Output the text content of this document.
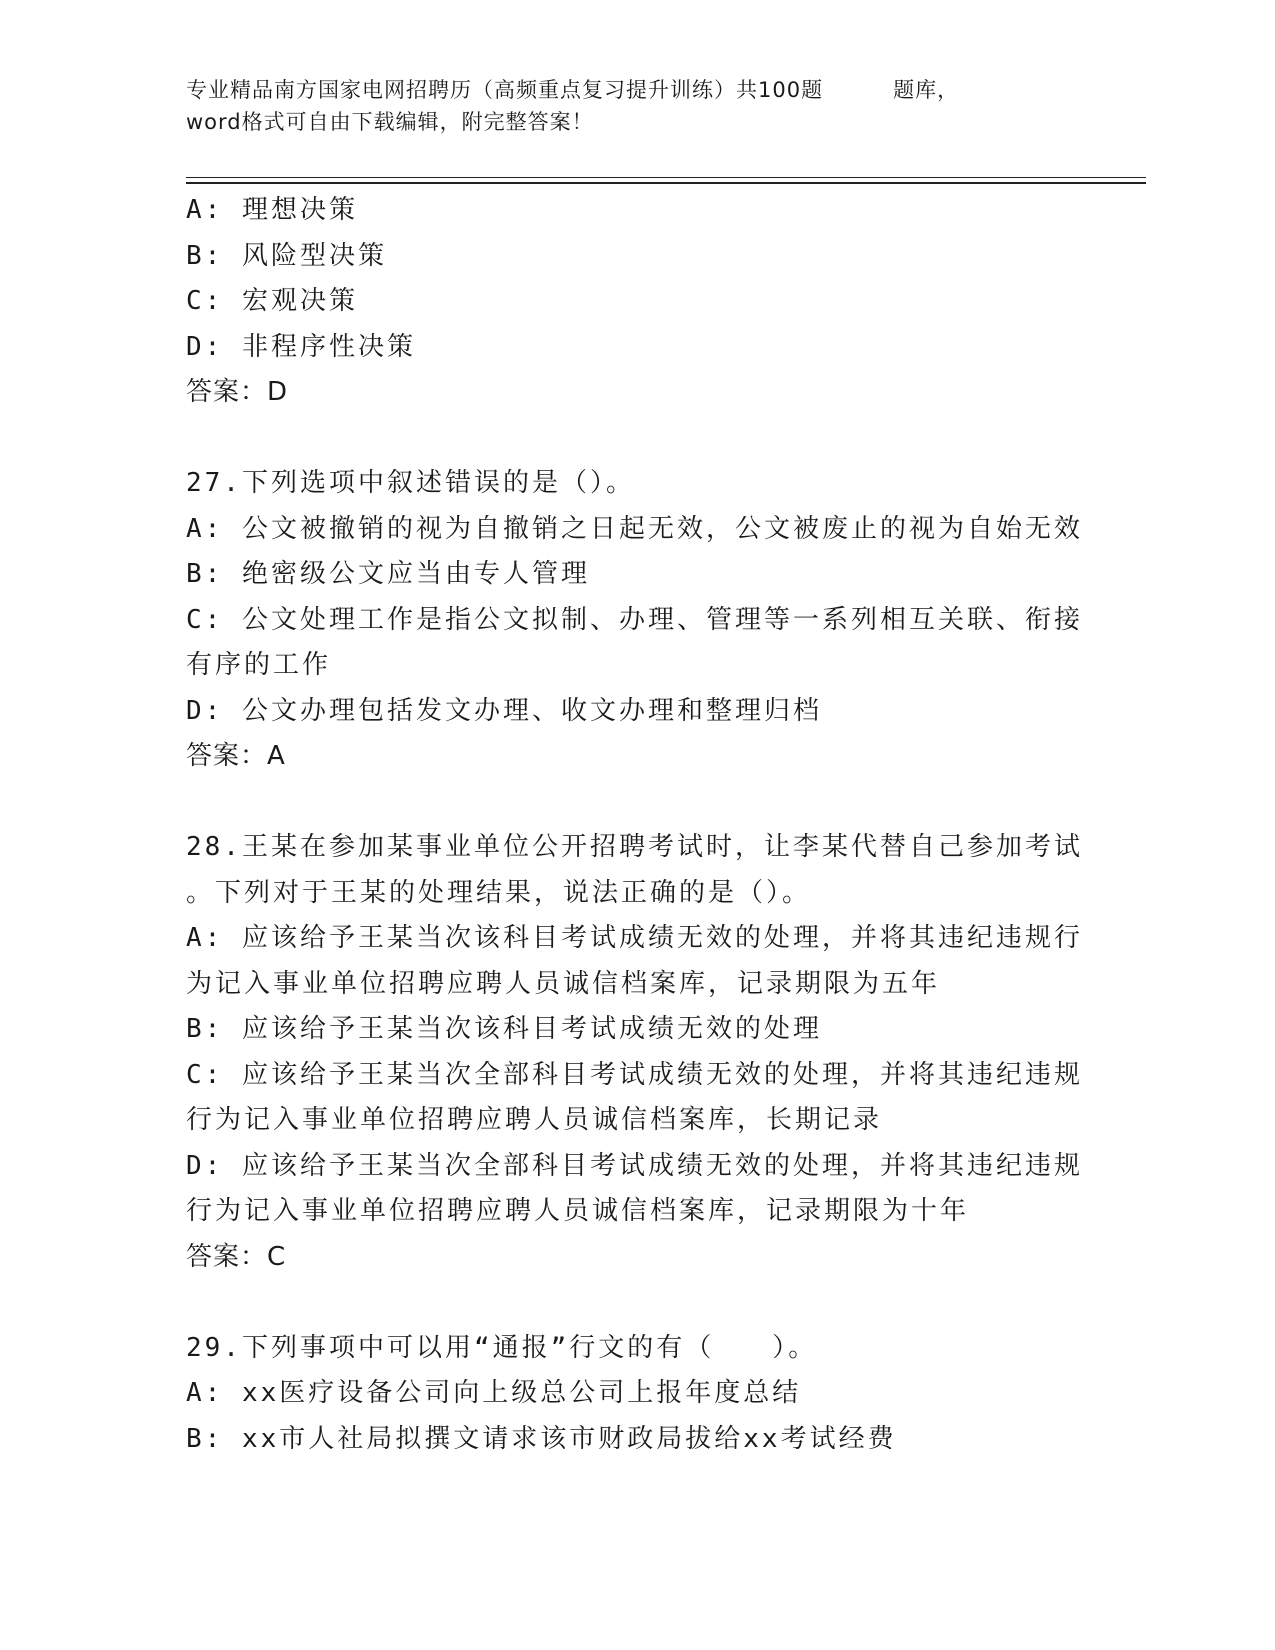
专业精品南方国家电网招聘历（高频重点复习提升训练）共100题	题库，
word格式可自由下载编辑，附完整答案！

A: 理想决策

B: 风险型决策

C: 宏观决策

D: 非程序性决策

答案：D

27.下列选项中叙述错误的是（）。

A: 公文被撤销的视为自撤销之日起无效，公文被废止的视为自始无效

B: 绝密级公文应当由专人管理

C: 公文处理工作是指公文拟制、办理、管理等一系列相互关联、衔接

有序的工作

D: 公文办理包括发文办理、收文办理和整理归档

答案：A

28.王某在参加某事业单位公开招聘考试时，让李某代替自己参加考试

。下列对于王某的处理结果，说法正确的是（）。

A: 应该给予王某当次该科目考试成绩无效的处理，并将其违纪违规行

为记入事业单位招聘应聘人员诚信档案库，记录期限为五年

B: 应该给予王某当次该科目考试成绩无效的处理

C: 应该给予王某当次全部科目考试成绩无效的处理，并将其违纪违规

行为记入事业单位招聘应聘人员诚信档案库，长期记录

D: 应该给予王某当次全部科目考试成绩无效的处理，并将其违纪违规

行为记入事业单位招聘应聘人员诚信档案库，记录期限为十年

答案：C

29.下列事项中可以用“通报”行文的有（　　）。

A: xx医疗设备公司向上级总公司上报年度总结

B: xx市人社局拟撰文请求该市财政局拔给xx考试经费
